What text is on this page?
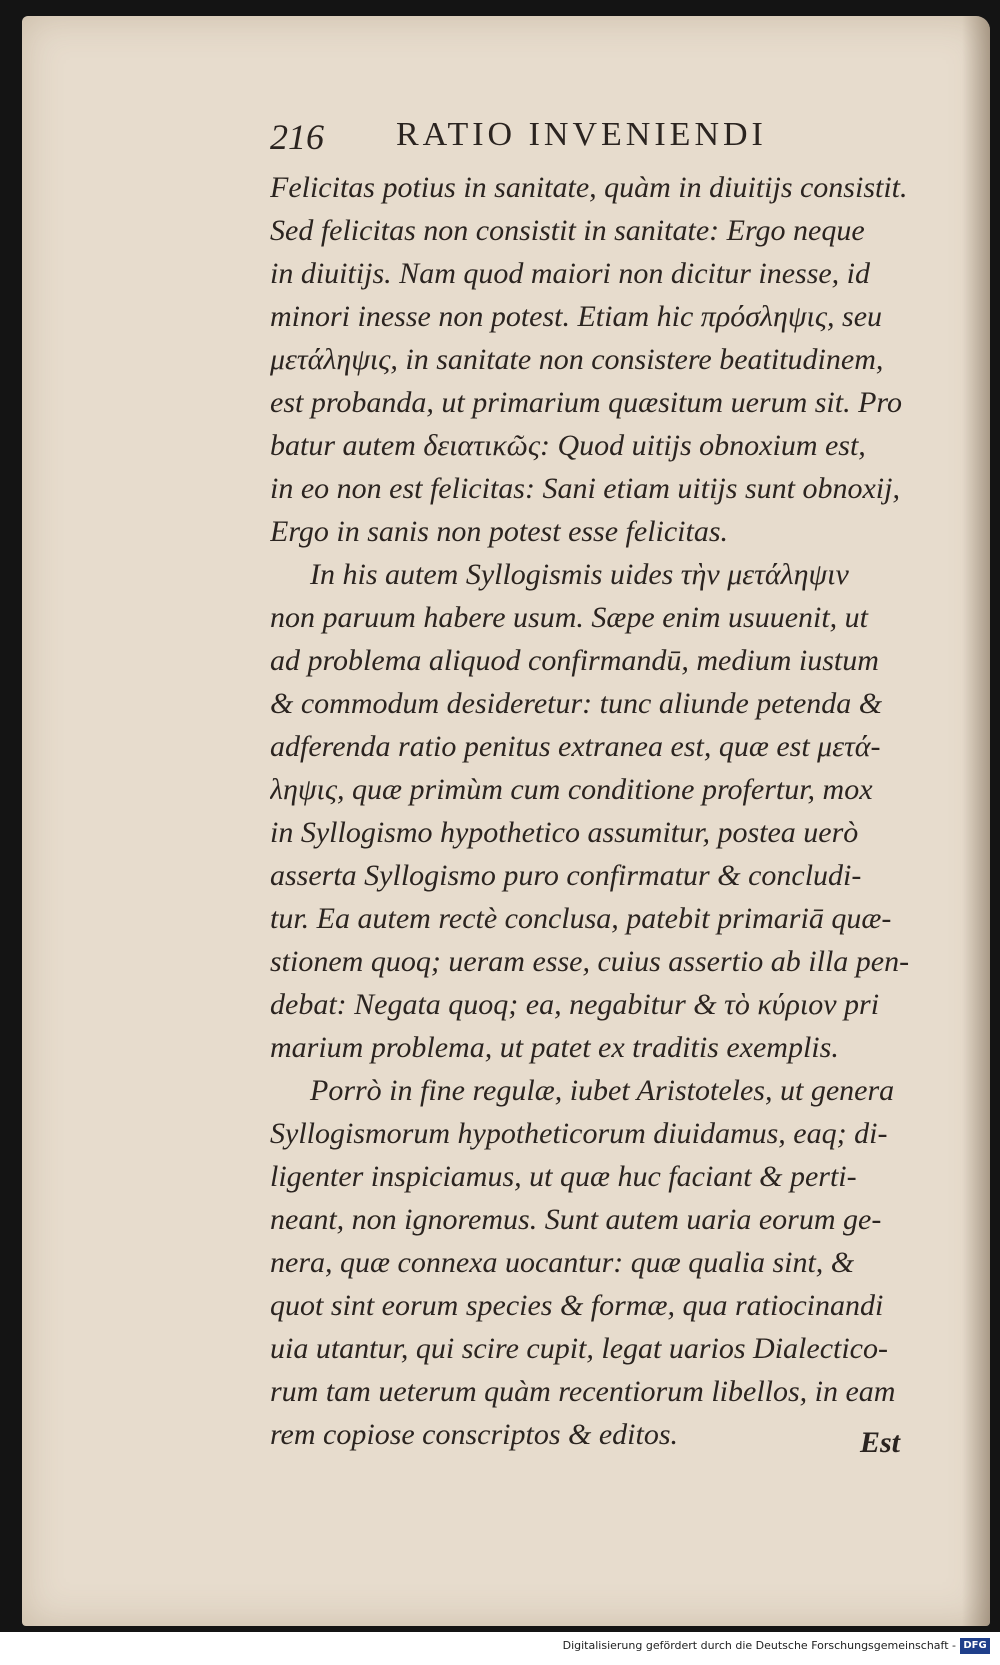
216 RATIO INVENIENDI
Felicitas potius in sanitate, quàm in diuitijs consistit.
Sed felicitas non consistit in sanitate: Ergo neque
in diuitijs. Nam quod maiori non dicitur inesse, id
minori inesse non potest. Etiam hic πρόσληψις, seu
μετάληψις, in sanitate non consistere beatitudinem,
est probanda, ut primarium quæsitum uerum sit. Pro
batur autem δειατικῶς: Quod uitijs obnoxium est,
in eo non est felicitas: Sani etiam uitijs sunt obnoxij,
Ergo in sanis non potest esse felicitas.
In his autem Syllogismis uides τὴν μετάληψιν
non paruum habere usum. Sæpe enim usuuenit, ut
ad problema aliquod confirmandū, medium iustum
& commodum desideretur: tunc aliunde petenda &
adferenda ratio penitus extranea est, quæ est μετά-
ληψις, quæ primùm cum conditione profertur, mox
in Syllogismo hypothetico assumitur, postea uerò
asserta Syllogismo puro confirmatur & concludi-
tur. Ea autem rectè conclusa, patebit primariā quæ-
stionem quoq; ueram esse, cuius assertio ab illa pen-
debat: Negata quoq; ea, negabitur & τὸ κύριον pri
marium problema, ut patet ex traditis exemplis.
Porrò in fine regulæ, iubet Aristoteles, ut genera
Syllogismorum hypotheticorum diuidamus, eaq; di-
ligenter inspiciamus, ut quæ huc faciant & perti-
neant, non ignoremus. Sunt autem uaria eorum ge-
nera, quæ connexa uocantur: quæ qualia sint, &
quot sint eorum species & formæ, qua ratiocinandi
uia utantur, qui scire cupit, legat uarios Dialectico-
rum tam ueterum quàm recentiorum libellos, in eam
rem copiose conscriptos & editos.	Est
Digitalisierung gefördert durch die Deutsche Forschungsgemeinschaft - DFG
